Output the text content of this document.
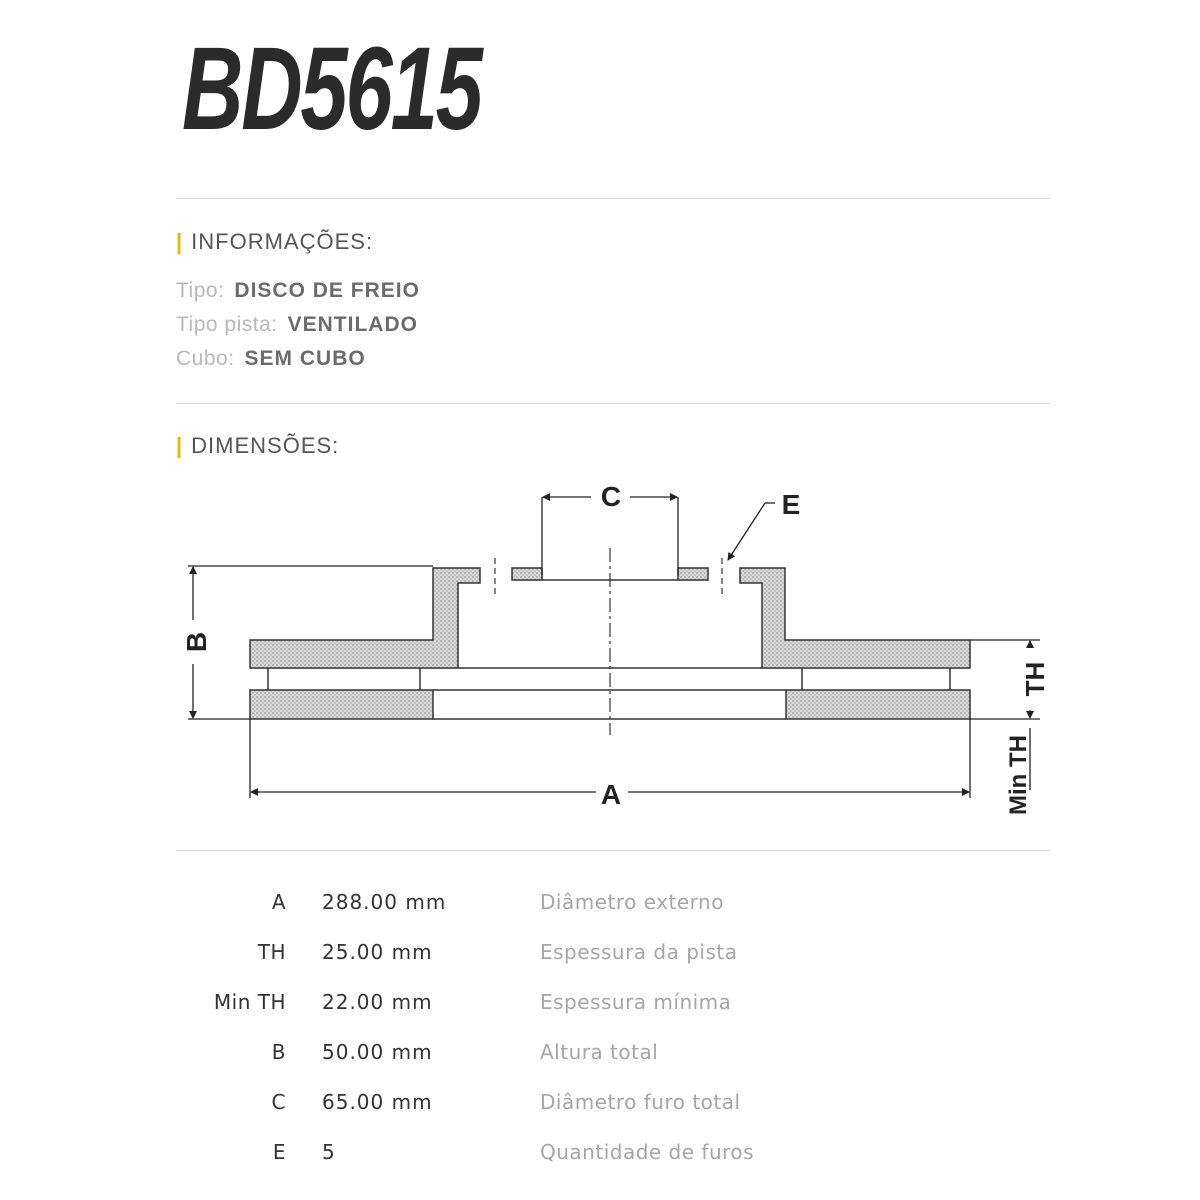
BD5615
| INFORMAÇÕES:
Tipo: DISCO DE FREIO
Tipo pista: VENTILADO
Cubo: SEM CUBO
| DIMENSÕES:
C	E
B
A
TH
Min TH
A 288.00 mm	Diâmetro externo
TH 25.00 mm	Espessura da pista
Min TH 22.00 mm	Espessura mínima
B 50.00 mm	Altura total
C 65.00 mm	Diâmetro furo total
E 5	Quantidade de furos
